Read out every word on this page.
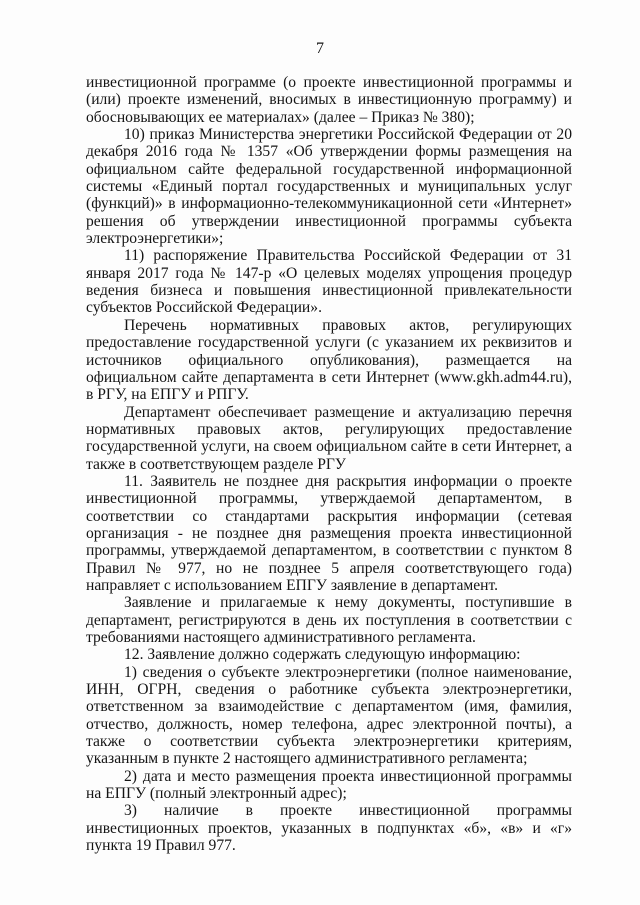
7

инвестиционной программе (о проекте инвестиционной программы и (или) проекте изменений, вносимых в инвестиционную программу) и обосновывающих ее материалах» (далее – Приказ № 380);

10) приказ Министерства энергетики Российской Федерации от 20 декабря 2016 года № 1357 «Об утверждении формы размещения на официальном сайте федеральной государственной информационной системы «Единый портал государственных и муниципальных услуг (функций)» в информационно-телекоммуникационной сети «Интернет» решения об утверждении инвестиционной программы субъекта электроэнергетики»;

11) распоряжение Правительства Российской Федерации от 31 января 2017 года № 147-р «О целевых моделях упрощения процедур ведения бизнеса и повышения инвестиционной привлекательности субъектов Российской Федерации».

Перечень нормативных правовых актов, регулирующих предоставление государственной услуги (с указанием их реквизитов и источников официального опубликования), размещается на официальном сайте департамента в сети Интернет (www.gkh.adm44.ru), в РГУ, на ЕПГУ и РПГУ.

Департамент обеспечивает размещение и актуализацию перечня нормативных правовых актов, регулирующих предоставление государственной услуги, на своем официальном сайте в сети Интернет, а также в соответствующем разделе РГУ

11. Заявитель не позднее дня раскрытия информации о проекте инвестиционной программы, утверждаемой департаментом, в соответствии со стандартами раскрытия информации (сетевая организация - не позднее дня размещения проекта инвестиционной программы, утверждаемой департаментом, в соответствии с пунктом 8 Правил № 977, но не позднее 5 апреля соответствующего года) направляет с использованием ЕПГУ заявление в департамент.

Заявление и прилагаемые к нему документы, поступившие в департамент, регистрируются в день их поступления в соответствии с требованиями настоящего административного регламента.

12. Заявление должно содержать следующую информацию:

1) сведения о субъекте электроэнергетики (полное наименование, ИНН, ОГРН, сведения о работнике субъекта электроэнергетики, ответственном за взаимодействие с департаментом (имя, фамилия, отчество, должность, номер телефона, адрес электронной почты), а также о соответствии субъекта электроэнергетики критериям, указанным в пункте 2 настоящего административного регламента;

2) дата и место размещения проекта инвестиционной программы на ЕПГУ (полный электронный адрес);

3) наличие в проекте инвестиционной программы инвестиционных проектов, указанных в подпунктах «б», «в» и «г» пункта 19 Правил 977.
